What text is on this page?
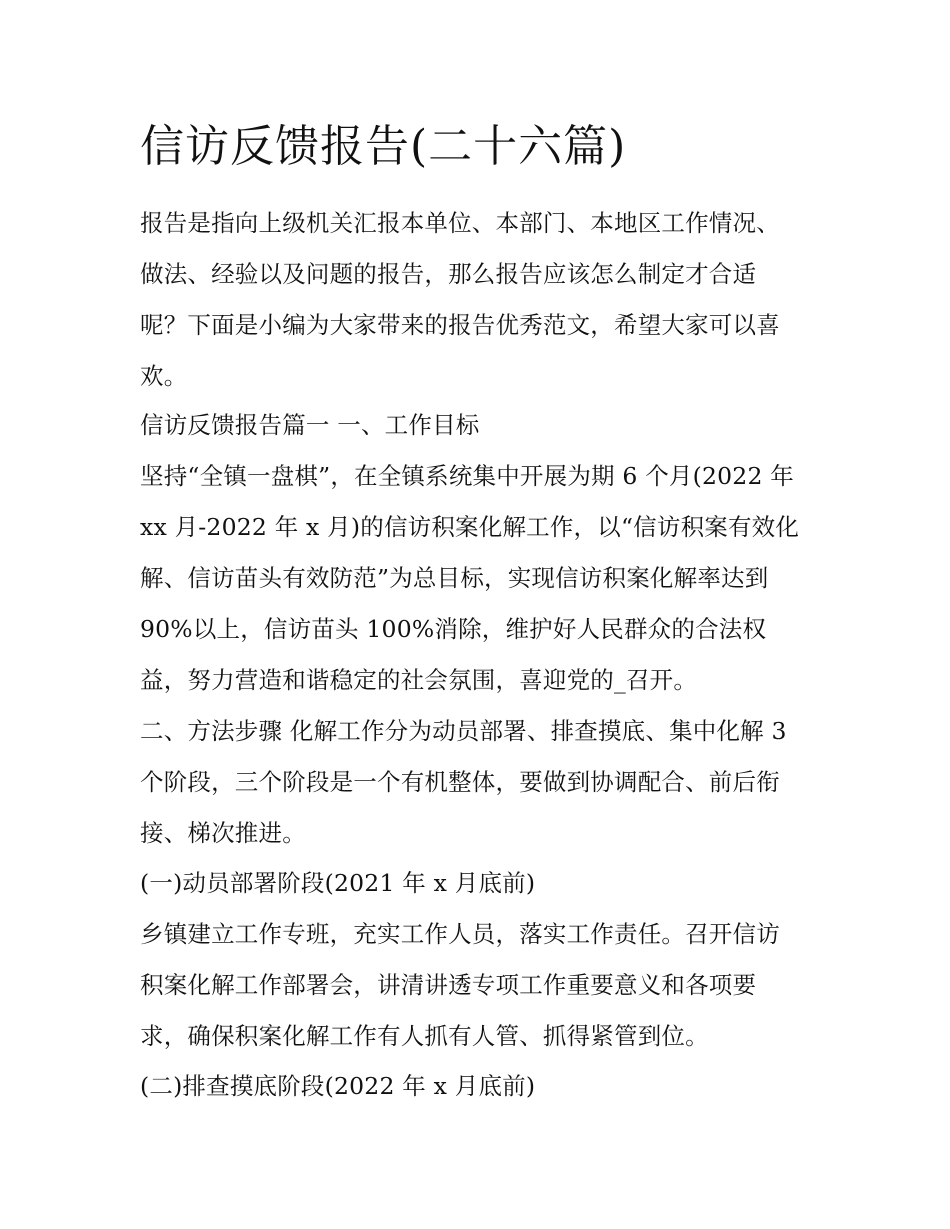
信访反馈报告(二十六篇)

报告是指向上级机关汇报本单位、本部门、本地区工作情况、

做法、经验以及问题的报告，那么报告应该怎么制定才合适

呢？下面是小编为大家带来的报告优秀范文，希望大家可以喜

欢。

信访反馈报告篇一 一、工作目标

坚持“全镇一盘棋”，在全镇系统集中开展为期 6 个月(2022 年

xx 月-2022 年 x 月)的信访积案化解工作，以“信访积案有效化

解、信访苗头有效防范”为总目标，实现信访积案化解率达到

90%以上，信访苗头 100%消除，维护好人民群众的合法权

益，努力营造和谐稳定的社会氛围，喜迎党的_召开。

二、方法步骤 化解工作分为动员部署、排查摸底、集中化解 3

个阶段，三个阶段是一个有机整体，要做到协调配合、前后衔

接、梯次推进。

(一)动员部署阶段(2021 年 x 月底前)

乡镇建立工作专班，充实工作人员，落实工作责任。召开信访

积案化解工作部署会，讲清讲透专项工作重要意义和各项要

求，确保积案化解工作有人抓有人管、抓得紧管到位。

(二)排查摸底阶段(2022 年 x 月底前)
